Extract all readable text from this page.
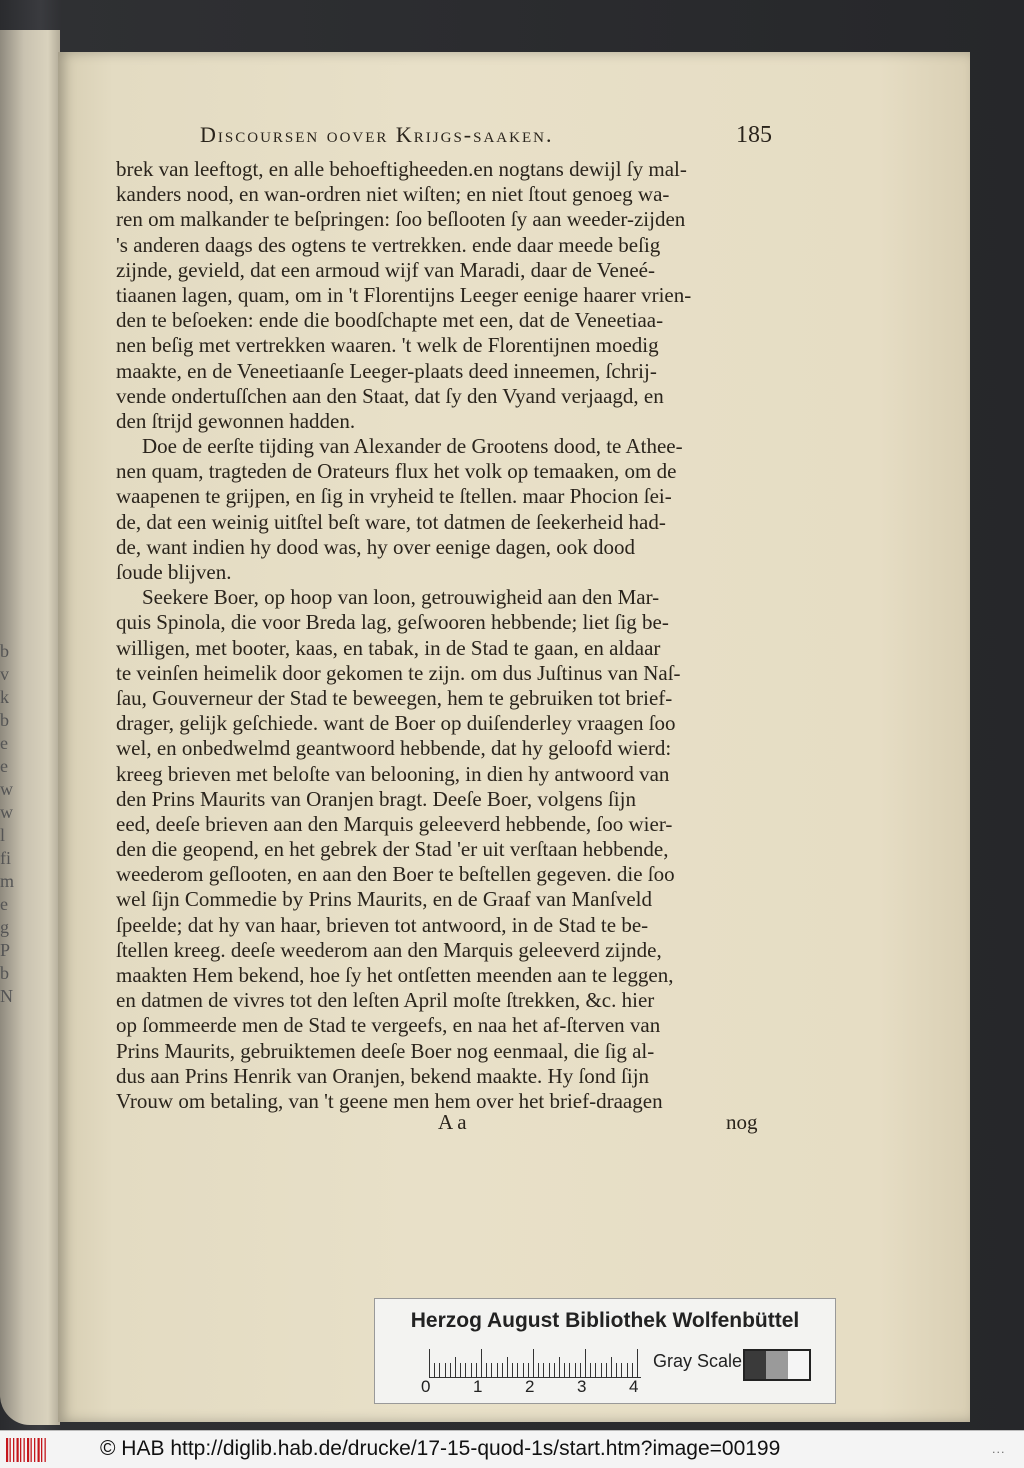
b
v
k
b
e
e
w
w
l
fi
m
e
g
P
b
N
Discoursen oover Krijgs-saaken.	185
brek van leeftogt, en alle behoeftigheeden.en nogtans dewijl ſy mal-
kanders nood, en wan-ordren niet wiſten; en niet ſtout genoeg wa-
ren om malkander te beſpringen: ſoo beſlooten ſy aan weeder-zijden
's anderen daags des ogtens te vertrekken. ende daar meede beſig
zijnde, gevield, dat een armoud wijf van Maradi, daar de Veneé-
tiaanen lagen, quam, om in 't Florentijns Leeger eenige haarer vrien-
den te beſoeken: ende die boodſchapte met een, dat de Veneetiaa-
nen beſig met vertrekken waaren. 't welk de Florentijnen moedig
maakte, en de Veneetiaanſe Leeger-plaats deed inneemen, ſchrij-
vende ondertuſſchen aan den Staat, dat ſy den Vyand verjaagd, en
den ſtrijd gewonnen hadden.
Doe de eerſte tijding van Alexander de Grootens dood, te Athee-
nen quam, tragteden de Orateurs flux het volk op temaaken, om de
waapenen te grijpen, en ſig in vryheid te ſtellen. maar Phocion ſei-
de, dat een weinig uitſtel beſt ware, tot datmen de ſeekerheid had-
de, want indien hy dood was, hy over eenige dagen, ook dood
ſoude blijven.
Seekere Boer, op hoop van loon, getrouwigheid aan den Mar-
quis Spinola, die voor Breda lag, geſwooren hebbende; liet ſig be-
willigen, met booter, kaas, en tabak, in de Stad te gaan, en aldaar
te veinſen heimelik door gekomen te zijn. om dus Juſtinus van Naſ-
ſau, Gouverneur der Stad te beweegen, hem te gebruiken tot brief-
drager, gelijk geſchiede. want de Boer op duiſenderley vraagen ſoo
wel, en onbedwelmd geantwoord hebbende, dat hy geloofd wierd:
kreeg brieven met beloſte van belooning, in dien hy antwoord van
den Prins Maurits van Oranjen bragt. Deeſe Boer, volgens ſijn
eed, deeſe brieven aan den Marquis geleeverd hebbende, ſoo wier-
den die geopend, en het gebrek der Stad 'er uit verſtaan hebbende,
weederom geſlooten, en aan den Boer te beſtellen gegeven. die ſoo
wel ſijn Commedie by Prins Maurits, en de Graaf van Manſveld
ſpeelde; dat hy van haar, brieven tot antwoord, in de Stad te be-
ſtellen kreeg. deeſe weederom aan den Marquis geleeverd zijnde,
maakten Hem bekend, hoe ſy het ontſetten meenden aan te leggen,
en datmen de vivres tot den leſten April moſte ſtrekken, &c. hier
op ſommeerde men de Stad te vergeefs, en naa het af-ſterven van
Prins Maurits, gebruiktemen deeſe Boer nog eenmaal, die ſig al-
dus aan Prins Henrik van Oranjen, bekend maakte. Hy ſond ſijn
Vrouw om betaling, van 't geene men hem over het brief-draagen
A a	nog
Herzog August Bibliothek Wolfenbüttel
0	1	2	3	4
Gray Scale
© HAB http://diglib.hab.de/drucke/17-15-quod-1s/start.htm?image=00199	...
